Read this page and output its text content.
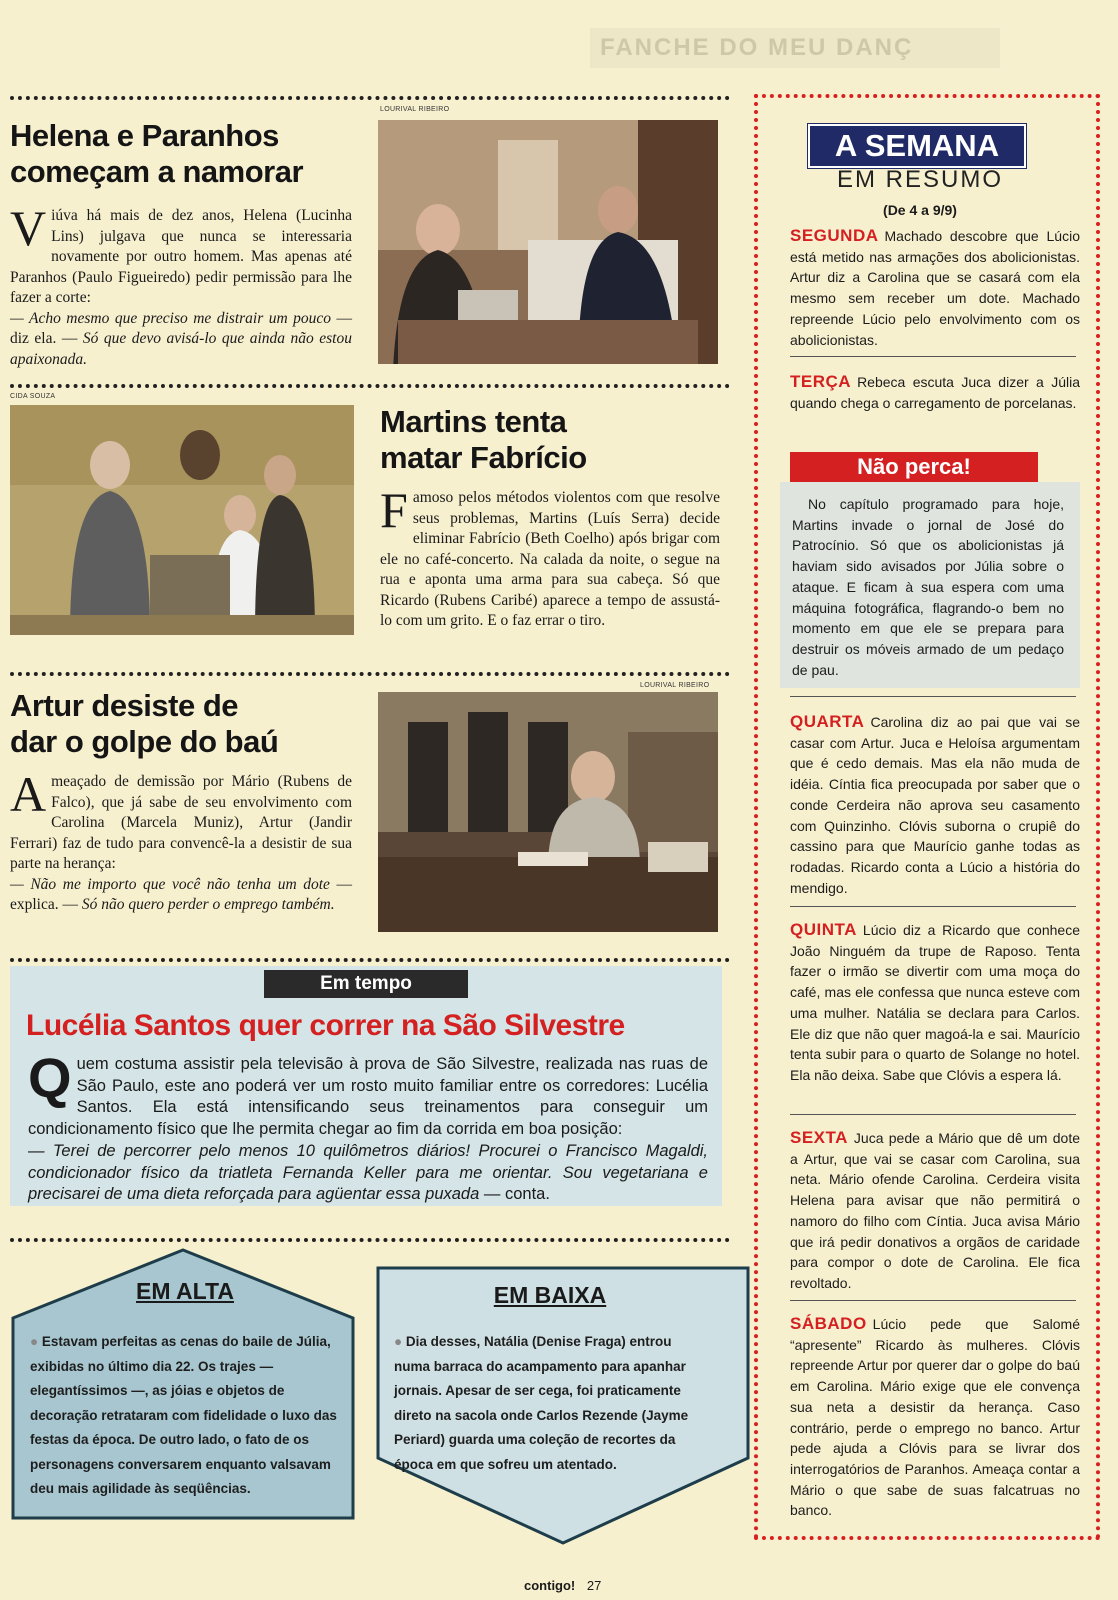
FANCHE DO MEU DANÇ
Helena e Paranhos
começam a namorar
Viúva há mais de dez anos, Helena (Lucinha Lins) julgava que nunca se interessaria novamente por outro homem. Mas apenas até Paranhos (Paulo Figueiredo) pedir permissão para lhe fazer a corte:
— Acho mesmo que preciso me distrair um pouco — diz ela. — Só que devo avisá-lo que ainda não estou apaixonada.
LOURIVAL RIBEIRO
CIDA SOUZA
Martins tenta
matar Fabrício
Famoso pelos métodos violentos com que resolve seus problemas, Martins (Luís Serra) decide eliminar Fabrício (Beth Coelho) após brigar com ele no café-concerto. Na calada da noite, o segue na rua e aponta uma arma para sua cabeça. Só que Ricardo (Rubens Caribé) aparece a tempo de assustá-lo com um grito. E o faz errar o tiro.
Artur desiste de
dar o golpe do baú
Ameaçado de demissão por Mário (Rubens de Falco), que já sabe de seu envolvimento com Carolina (Marcela Muniz), Artur (Jandir Ferrari) faz de tudo para convencê-la a desistir de sua parte na herança:
— Não me importo que você não tenha um dote — explica. — Só não quero perder o emprego também.
LOURIVAL RIBEIRO
Em tempo
Lucélia Santos quer correr na São Silvestre
Quem costuma assistir pela televisão à prova de São Silvestre, realizada nas ruas de São Paulo, este ano poderá ver um rosto muito familiar entre os corredores: Lucélia Santos. Ela está intensificando seus treinamentos para conseguir um condicionamento físico que lhe permita chegar ao fim da corrida em boa posição:
— Terei de percorrer pelo menos 10 quilômetros diários! Procurei o Francisco Magaldi, condicionador físico da triatleta Fernanda Keller para me orientar. Sou vegetariana e precisarei de uma dieta reforçada para agüentar essa puxada — conta.
EM ALTA
● Estavam perfeitas as cenas do baile de Júlia, exibidas no último dia 22. Os trajes — elegantíssimos —, as jóias e objetos de decoração retrataram com fidelidade o luxo das festas da época. De outro lado, o fato de os personagens conversarem enquanto valsavam deu mais agilidade às seqüências.
EM BAIXA
● Dia desses, Natália (Denise Fraga) entrou numa barraca do acampamento para apanhar jornais. Apesar de ser cega, foi praticamente direto na sacola onde Carlos Rezende (Jayme Periard) guarda uma coleção de recortes da época em que sofreu um atentado.
A SEMANA
EM RESUMO
(De 4 a 9/9)
SEGUNDA Machado descobre que Lúcio está metido nas armações dos abolicionistas. Artur diz a Carolina que se casará com ela mesmo sem receber um dote. Machado repreende Lúcio pelo envolvimento com os abolicionistas.
TERÇA Rebeca escuta Juca dizer a Júlia quando chega o carregamento de porcelanas.
Não perca!
No capítulo programado para hoje, Martins invade o jornal de José do Patrocínio. Só que os abolicionistas já haviam sido avisados por Júlia sobre o ataque. E ficam à sua espera com uma máquina fotográfica, flagrando-o bem no momento em que ele se prepara para destruir os móveis armado de um pedaço de pau.
QUARTA Carolina diz ao pai que vai se casar com Artur. Juca e Heloísa argumentam que é cedo demais. Mas ela não muda de idéia. Cíntia fica preocupada por saber que o conde Cerdeira não aprova seu casamento com Quinzinho. Clóvis suborna o crupiê do cassino para que Maurício ganhe todas as rodadas. Ricardo conta a Lúcio a história do mendigo.
QUINTA Lúcio diz a Ricardo que conhece João Ninguém da trupe de Raposo. Tenta fazer o irmão se divertir com uma moça do café, mas ele confessa que nunca esteve com uma mulher. Natália se declara para Carlos. Ele diz que não quer magoá-la e sai. Maurício tenta subir para o quarto de Solange no hotel. Ela não deixa. Sabe que Clóvis a espera lá.
SEXTA Juca pede a Mário que dê um dote a Artur, que vai se casar com Carolina, sua neta. Mário ofende Carolina. Cerdeira visita Helena para avisar que não permitirá o namoro do filho com Cíntia. Juca avisa Mário que irá pedir donativos a orgãos de caridade para compor o dote de Carolina. Ele fica revoltado.
SÁBADO Lúcio pede que Salomé “apresente” Ricardo às mulheres. Clóvis repreende Artur por querer dar o golpe do baú em Carolina. Mário exige que ele convença sua neta a desistir da herança. Caso contrário, perde o emprego no banco. Artur pede ajuda a Clóvis para se livrar dos interrogatórios de Paranhos. Ameaça contar a Mário o que sabe de suas falcatruas no banco.
contigo! 27
